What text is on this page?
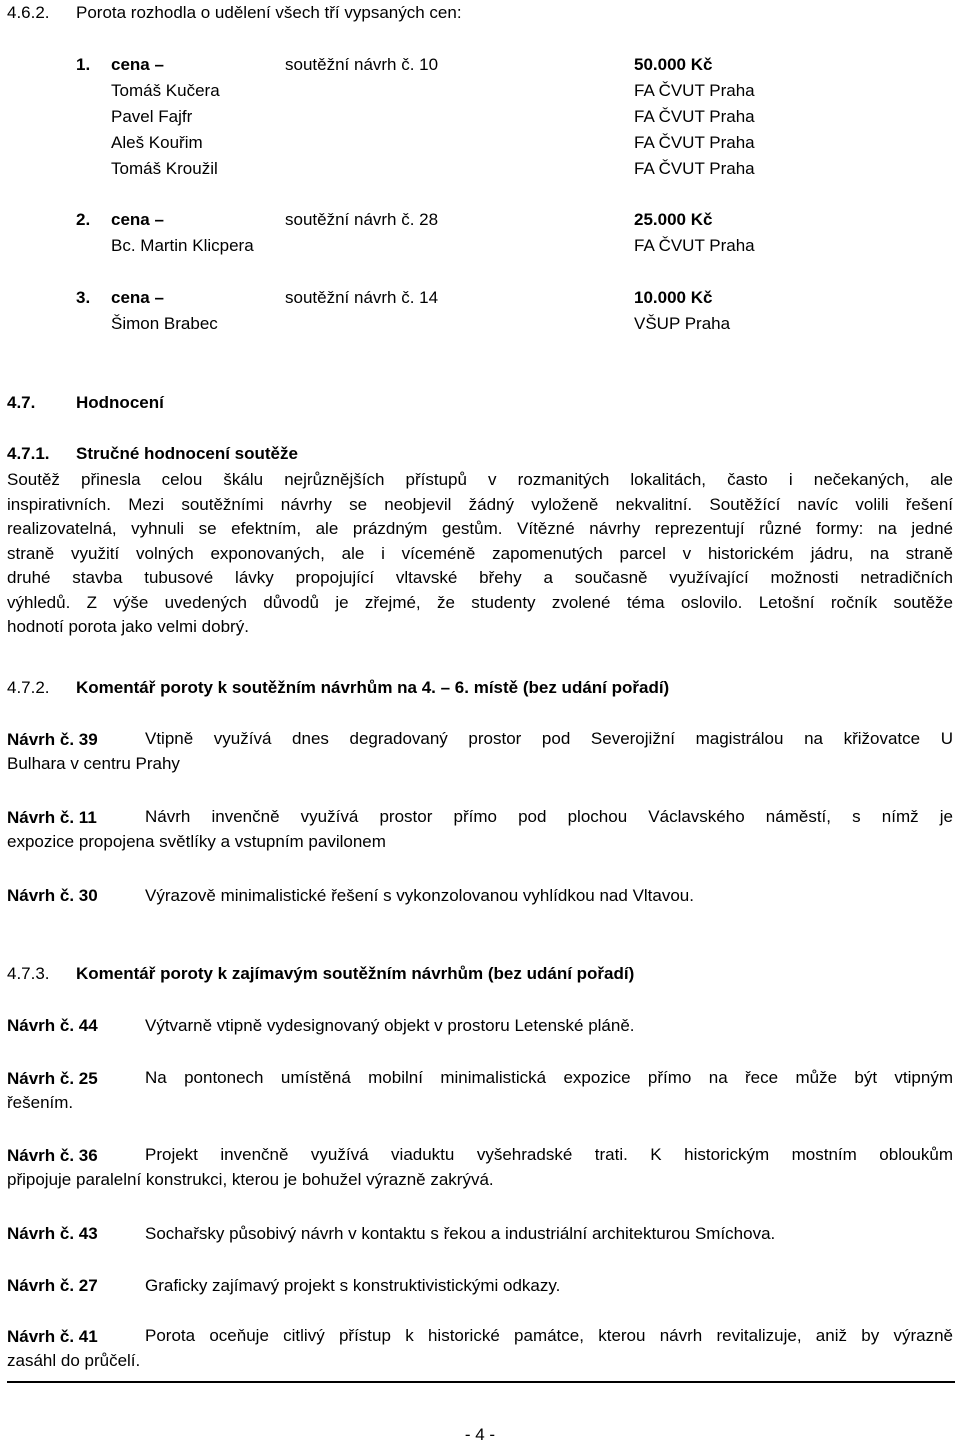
4.6.2. Porota rozhodla o udělení všech tří vypsaných cen:
1. cena –	soutěžní návrh č. 10	50.000 Kč
Tomáš Kučera	FA ČVUT Praha
Pavel Fajfr	FA ČVUT Praha
Aleš Kouřim	FA ČVUT Praha
Tomáš Kroužil	FA ČVUT Praha
2. cena –	soutěžní návrh č. 28	25.000 Kč
Bc. Martin Klicpera	FA ČVUT Praha
3. cena –	soutěžní návrh č. 14	10.000 Kč
Šimon Brabec	VŠUP Praha
4.7. Hodnocení
4.7.1. Stručné hodnocení soutěže
Soutěž přinesla celou škálu nejrůznějších přístupů v rozmanitých lokalitách, často i nečekaných, ale
inspirativních. Mezi soutěžními návrhy se neobjevil žádný vyloženě nekvalitní. Soutěžící navíc volili řešení
realizovatelná, vyhnuli se efektním, ale prázdným gestům. Vítězné návrhy reprezentují různé formy: na jedné
straně využití volných exponovaných, ale i víceméně zapomenutých parcel v historickém jádru, na straně
druhé stavba tubusové lávky propojující vltavské břehy a současně využívající možnosti netradičních
výhledů. Z výše uvedených důvodů je zřejmé, že studenty zvolené téma oslovilo. Letošní ročník soutěže
hodnotí porota jako velmi dobrý.
4.7.2. Komentář poroty k soutěžním návrhům na 4. – 6. místě (bez udání pořadí)
Návrh č. 39	Vtipně využívá dnes degradovaný prostor pod Severojižní magistrálou na křižovatce U
Bulhara v centru Prahy
Návrh č. 11	Návrh invenčně využívá prostor přímo pod plochou Václavského náměstí, s nímž je
expozice propojena světlíky a vstupním pavilonem
Návrh č. 30	Výrazově minimalistické řešení s vykonzolovanou vyhlídkou nad Vltavou.
4.7.3. Komentář poroty k zajímavým soutěžním návrhům (bez udání pořadí)
Návrh č. 44	Výtvarně vtipně vydesignovaný objekt v prostoru Letenské pláně.
Návrh č. 25	Na pontonech umístěná mobilní minimalistická expozice přímo na řece může být vtipným
řešením.
Návrh č. 36	Projekt invenčně využívá viaduktu vyšehradské trati. K historickým mostním obloukům
připojuje paralelní konstrukci, kterou je bohužel výrazně zakrývá.
Návrh č. 43	Sochařsky působivý návrh v kontaktu s řekou a industriální architekturou Smíchova.
Návrh č. 27	Graficky zajímavý projekt s konstruktivistickými odkazy.
Návrh č. 41	Porota oceňuje citlivý přístup k historické památce, kterou návrh revitalizuje, aniž by výrazně
zasáhl do průčelí.
- 4 -
